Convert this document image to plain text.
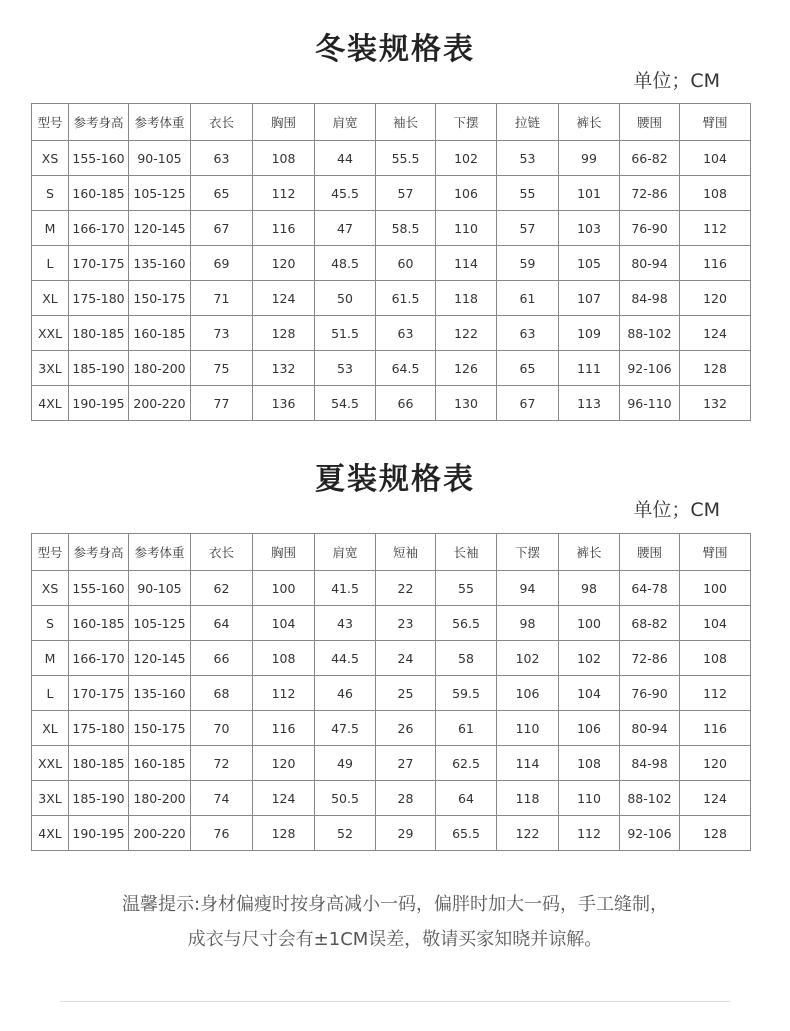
冬装规格表
单位；CM
型号	参考身高	参考体重	衣长	胸围	肩宽	袖长	下摆	拉链	裤长	腰围	臂围
XS	155-160	90-105	63	108	44	55.5	102	53	99	66-82	104
S	160-185	105-125	65	112	45.5	57	106	55	101	72-86	108
M	166-170	120-145	67	116	47	58.5	110	57	103	76-90	112
L	170-175	135-160	69	120	48.5	60	114	59	105	80-94	116
XL	175-180	150-175	71	124	50	61.5	118	61	107	84-98	120
XXL	180-185	160-185	73	128	51.5	63	122	63	109	88-102	124
3XL	185-190	180-200	75	132	53	64.5	126	65	111	92-106	128
4XL	190-195	200-220	77	136	54.5	66	130	67	113	96-110	132
夏装规格表
单位；CM
型号	参考身高	参考体重	衣长	胸围	肩宽	短袖	长袖	下摆	裤长	腰围	臂围
XS	155-160	90-105	62	100	41.5	22	55	94	98	64-78	100
S	160-185	105-125	64	104	43	23	56.5	98	100	68-82	104
M	166-170	120-145	66	108	44.5	24	58	102	102	72-86	108
L	170-175	135-160	68	112	46	25	59.5	106	104	76-90	112
XL	175-180	150-175	70	116	47.5	26	61	110	106	80-94	116
XXL	180-185	160-185	72	120	49	27	62.5	114	108	84-98	120
3XL	185-190	180-200	74	124	50.5	28	64	118	110	88-102	124
4XL	190-195	200-220	76	128	52	29	65.5	122	112	92-106	128
温馨提示:身材偏瘦时按身高减小一码，偏胖时加大一码，手工缝制，
成衣与尺寸会有±1CM误差，敬请买家知晓并谅解。
